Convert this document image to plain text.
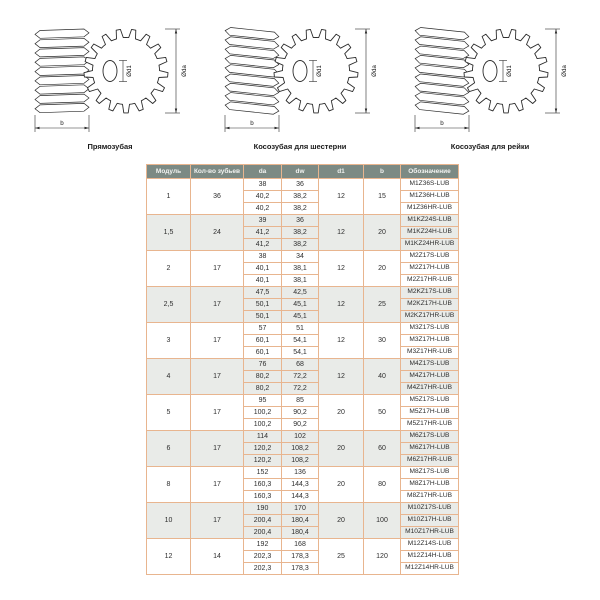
Ød1	Øda
b
Прямозубая
Ød1	Øda
b
Косозубая для шестерни
Ød1	Øda
b
Косозубая для рейки
Модуль	Кол-во зубьев	da	dw	d1	b	Обозначение
1	36	38	36	12	15	M1Z36S-LUB
		40,2	38,2			M1Z36H-LUB
		40,2	38,2			M1Z36HR-LUB
1,5	24	39	36	12	20	M1KZ24S-LUB
		41,2	38,2			M1KZ24H-LUB
		41,2	38,2			M1KZ24HR-LUB
2	17	38	34	12	20	M2Z17S-LUB
		40,1	38,1			M2Z17H-LUB
		40,1	38,1			M2Z17HR-LUB
2,5	17	47,5	42,5	12	25	M2KZ17S-LUB
		50,1	45,1			M2KZ17H-LUB
		50,1	45,1			M2KZ17HR-LUB
3	17	57	51	12	30	M3Z17S-LUB
		60,1	54,1			M3Z17H-LUB
		60,1	54,1			M3Z17HR-LUB
4	17	76	68	12	40	M4Z17S-LUB
		80,2	72,2			M4Z17H-LUB
		80,2	72,2			M4Z17HR-LUB
5	17	95	85	20	50	M5Z17S-LUB
		100,2	90,2			M5Z17H-LUB
		100,2	90,2			M5Z17HR-LUB
6	17	114	102	20	60	M6Z17S-LUB
		120,2	108,2			M6Z17H-LUB
		120,2	108,2			M6Z17HR-LUB
8	17	152	136	20	80	M8Z17S-LUB
		160,3	144,3			M8Z17H-LUB
		160,3	144,3			M8Z17HR-LUB
10	17	190	170	20	100	M10Z17S-LUB
		200,4	180,4			M10Z17H-LUB
		200,4	180,4			M10Z17HR-LUB
12	14	192	168	25	120	M12Z14S-LUB
		202,3	178,3			M12Z14H-LUB
		202,3	178,3			M12Z14HR-LUB
